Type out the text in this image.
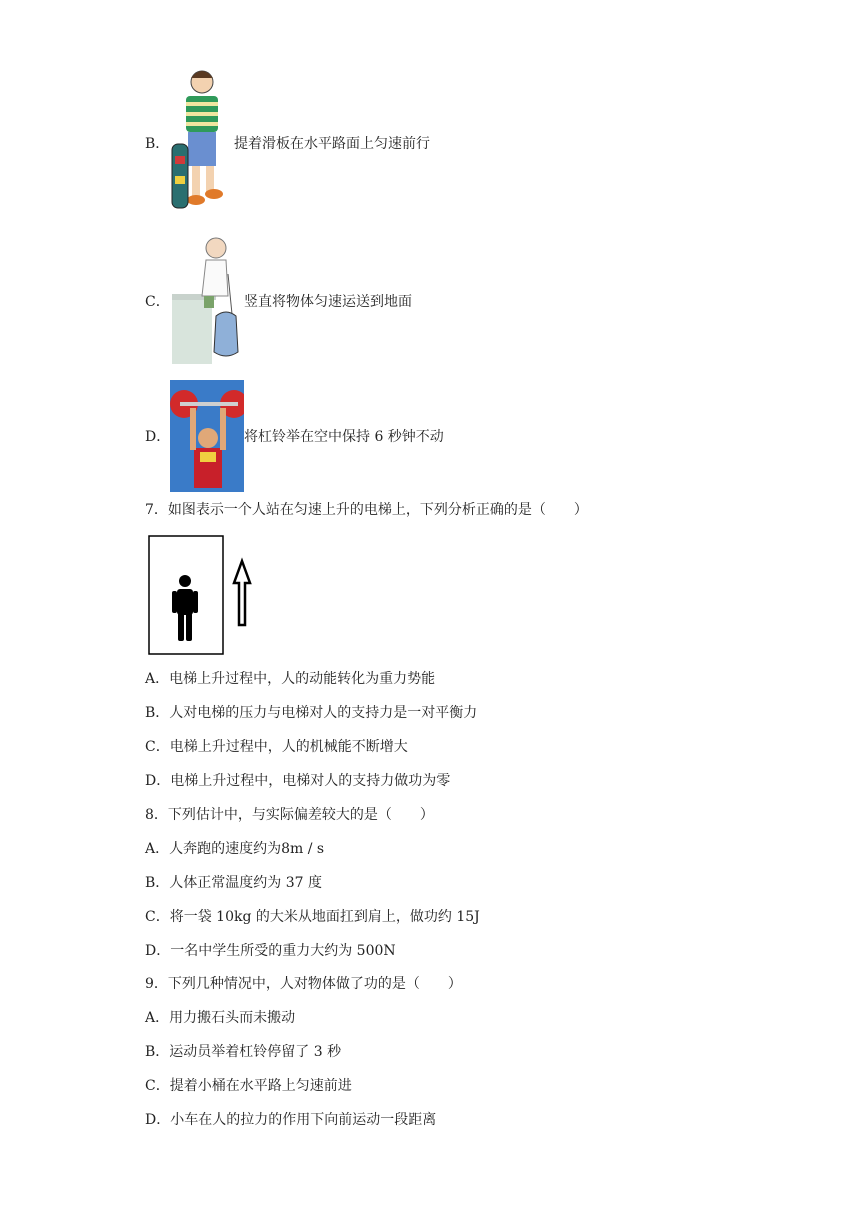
B．	提着滑板在水平路面上匀速前行
C．	竖直将物体匀速运送到地面
D．	将杠铃举在空中保持 6 秒钟不动
7．如图表示一个人站在匀速上升的电梯上，下列分析正确的是（　　）
A．电梯上升过程中，人的动能转化为重力势能
B．人对电梯的压力与电梯对人的支持力是一对平衡力
C．电梯上升过程中，人的机械能不断增大
D．电梯上升过程中，电梯对人的支持力做功为零
8．下列估计中，与实际偏差较大的是（　　）
A．人奔跑的速度约为8m / s
B．人体正常温度约为 37 度
C．将一袋 10kg 的大米从地面扛到肩上，做功约 15J
D．一名中学生所受的重力大约为 500N
9．下列几种情况中，人对物体做了功的是（　　）
A．用力搬石头而未搬动
B．运动员举着杠铃停留了 3 秒
C．提着小桶在水平路上匀速前进
D．小车在人的拉力的作用下向前运动一段距离
